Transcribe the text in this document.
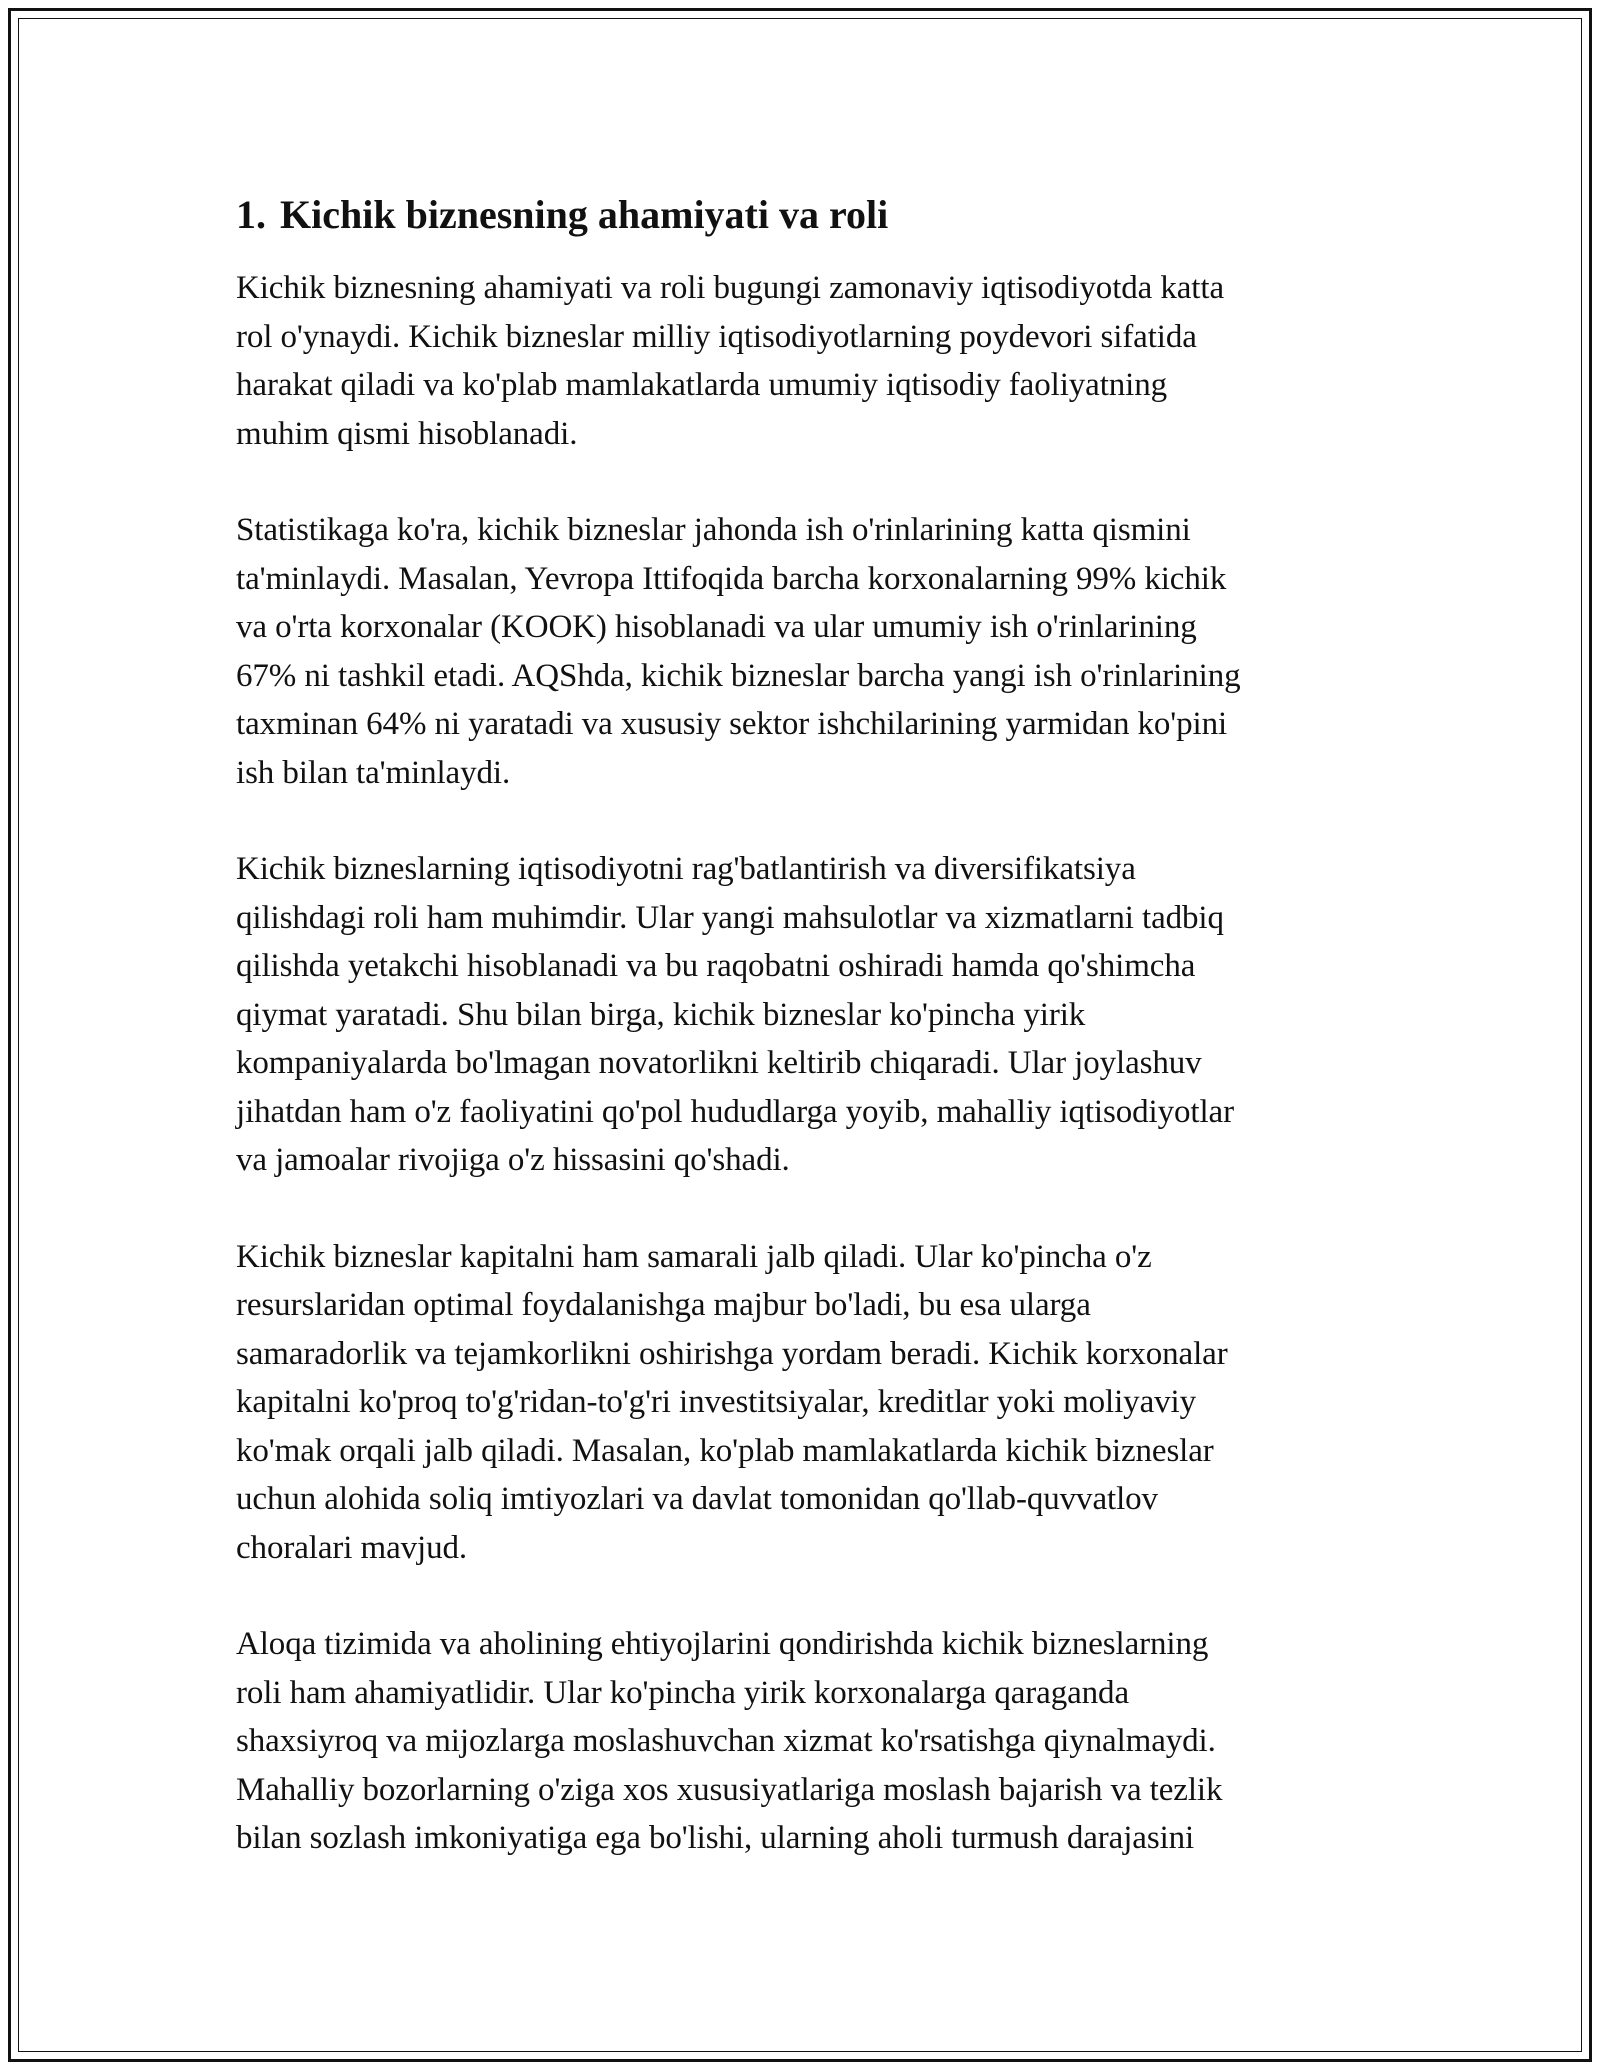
1. Kichik biznesning ahamiyati va roli

Kichik biznesning ahamiyati va roli bugungi zamonaviy iqtisodiyotda katta
rol o'ynaydi. Kichik bizneslar milliy iqtisodiyotlarning poydevori sifatida
harakat qiladi va ko'plab mamlakatlarda umumiy iqtisodiy faoliyatning
muhim qismi hisoblanadi.

Statistikaga ko'ra, kichik bizneslar jahonda ish o'rinlarining katta qismini
ta'minlaydi. Masalan, Yevropa Ittifoqida barcha korxonalarning 99% kichik
va o'rta korxonalar (KOOK) hisoblanadi va ular umumiy ish o'rinlarining
67% ni tashkil etadi. AQShda, kichik bizneslar barcha yangi ish o'rinlarining
taxminan 64% ni yaratadi va xususiy sektor ishchilarining yarmidan ko'pini
ish bilan ta'minlaydi.

Kichik bizneslarning iqtisodiyotni rag'batlantirish va diversifikatsiya
qilishdagi roli ham muhimdir. Ular yangi mahsulotlar va xizmatlarni tadbiq
qilishda yetakchi hisoblanadi va bu raqobatni oshiradi hamda qo'shimcha
qiymat yaratadi. Shu bilan birga, kichik bizneslar ko'pincha yirik
kompaniyalarda bo'lmagan novatorlikni keltirib chiqaradi. Ular joylashuv
jihatdan ham o'z faoliyatini qo'pol hududlarga yoyib, mahalliy iqtisodiyotlar
va jamoalar rivojiga o'z hissasini qo'shadi.

Kichik bizneslar kapitalni ham samarali jalb qiladi. Ular ko'pincha o'z
resurslaridan optimal foydalanishga majbur bo'ladi, bu esa ularga
samaradorlik va tejamkorlikni oshirishga yordam beradi. Kichik korxonalar
kapitalni ko'proq to'g'ridan-to'g'ri investitsiyalar, kreditlar yoki moliyaviy
ko'mak orqali jalb qiladi. Masalan, ko'plab mamlakatlarda kichik bizneslar
uchun alohida soliq imtiyozlari va davlat tomonidan qo'llab-quvvatlov
choralari mavjud.

Aloqa tizimida va aholining ehtiyojlarini qondirishda kichik bizneslarning
roli ham ahamiyatlidir. Ular ko'pincha yirik korxonalarga qaraganda
shaxsiyroq va mijozlarga moslashuvchan xizmat ko'rsatishga qiynalmaydi.
Mahalliy bozorlarning o'ziga xos xususiyatlariga moslash bajarish va tezlik
bilan sozlash imkoniyatiga ega bo'lishi, ularning aholi turmush darajasini
